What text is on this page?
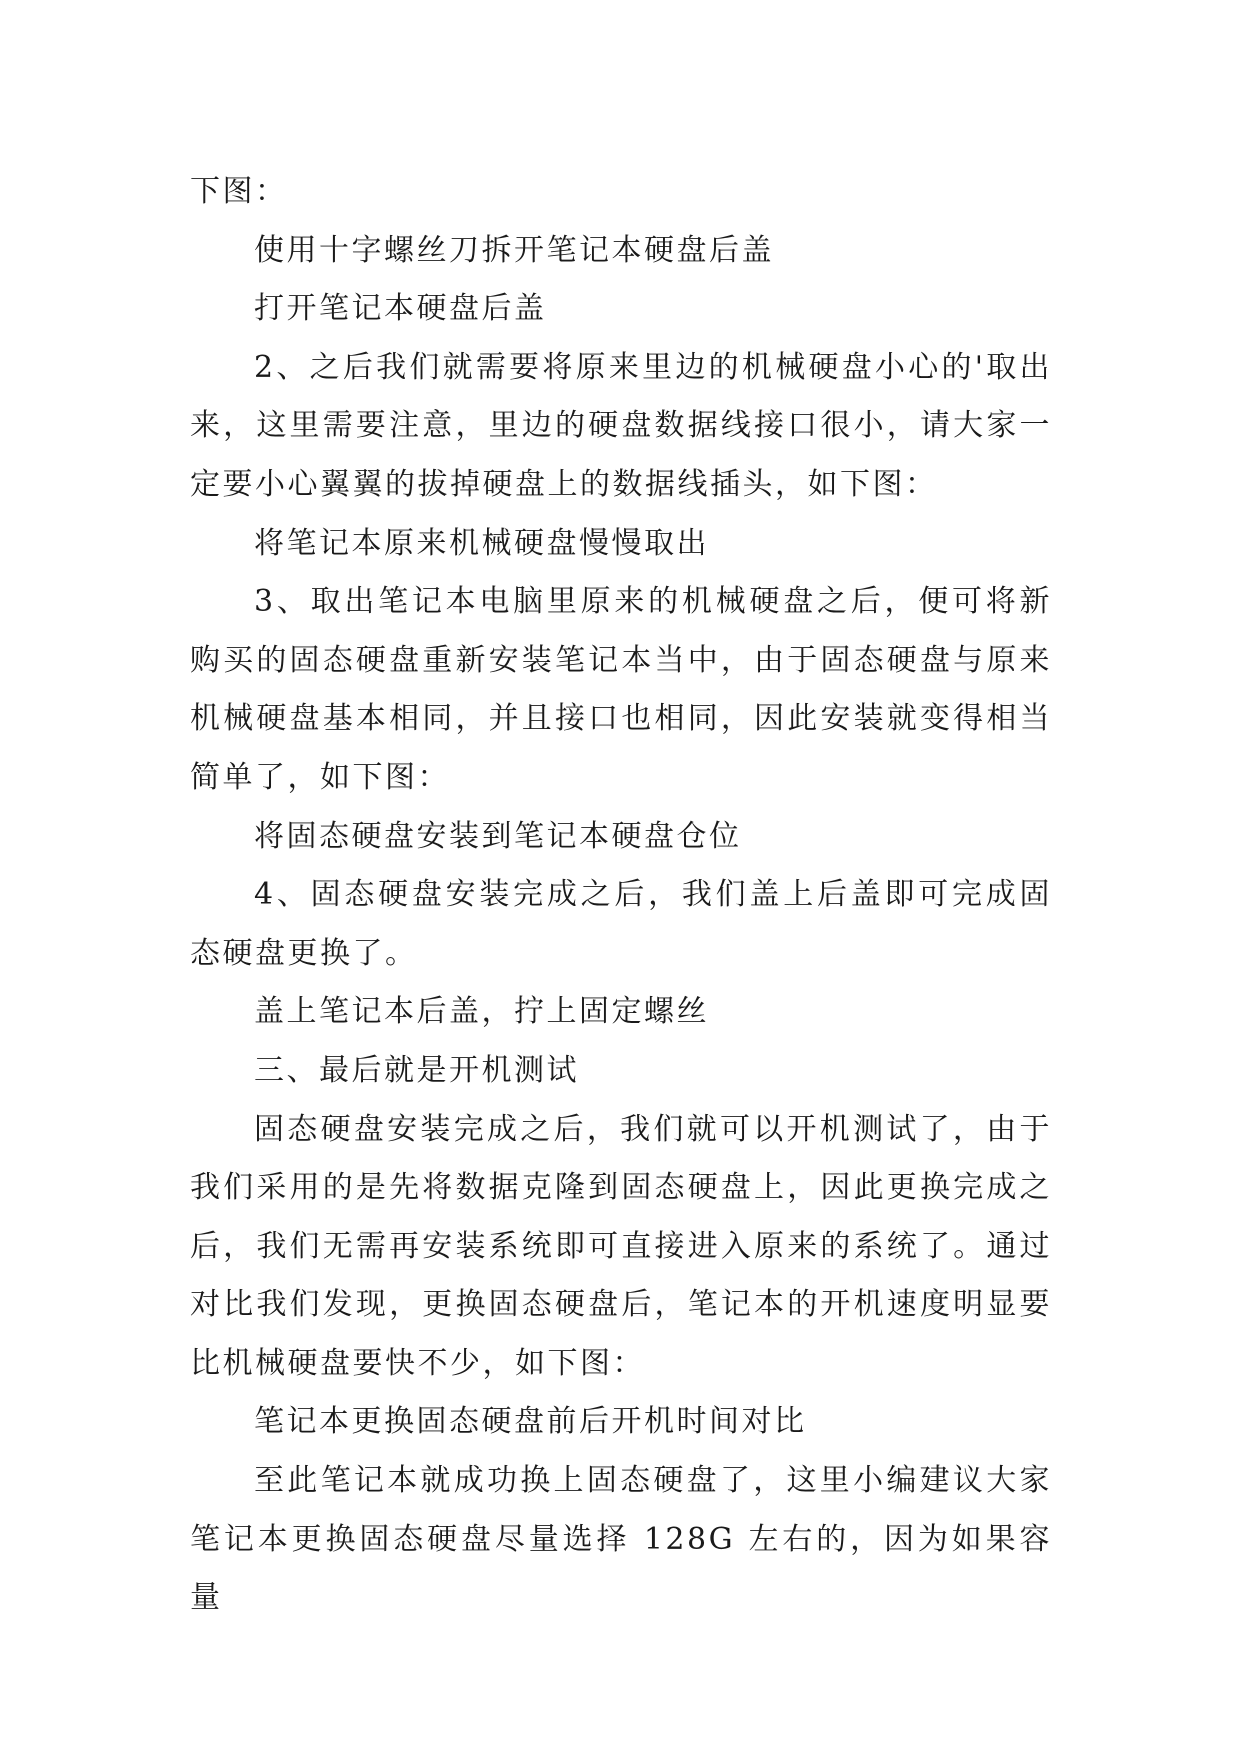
下图：

使用十字螺丝刀拆开笔记本硬盘后盖

打开笔记本硬盘后盖

2、之后我们就需要将原来里边的机械硬盘小心的'取出来，这里需要注意，里边的硬盘数据线接口很小，请大家一定要小心翼翼的拔掉硬盘上的数据线插头，如下图：

将笔记本原来机械硬盘慢慢取出

3、取出笔记本电脑里原来的机械硬盘之后，便可将新购买的固态硬盘重新安装笔记本当中，由于固态硬盘与原来机械硬盘基本相同，并且接口也相同，因此安装就变得相当简单了，如下图：

将固态硬盘安装到笔记本硬盘仓位

4、固态硬盘安装完成之后，我们盖上后盖即可完成固态硬盘更换了。

盖上笔记本后盖，拧上固定螺丝

三、最后就是开机测试

固态硬盘安装完成之后，我们就可以开机测试了，由于我们采用的是先将数据克隆到固态硬盘上，因此更换完成之后，我们无需再安装系统即可直接进入原来的系统了。通过对比我们发现，更换固态硬盘后，笔记本的开机速度明显要比机械硬盘要快不少，如下图：

笔记本更换固态硬盘前后开机时间对比

至此笔记本就成功换上固态硬盘了，这里小编建议大家笔记本更换固态硬盘尽量选择 128G 左右的，因为如果容量
